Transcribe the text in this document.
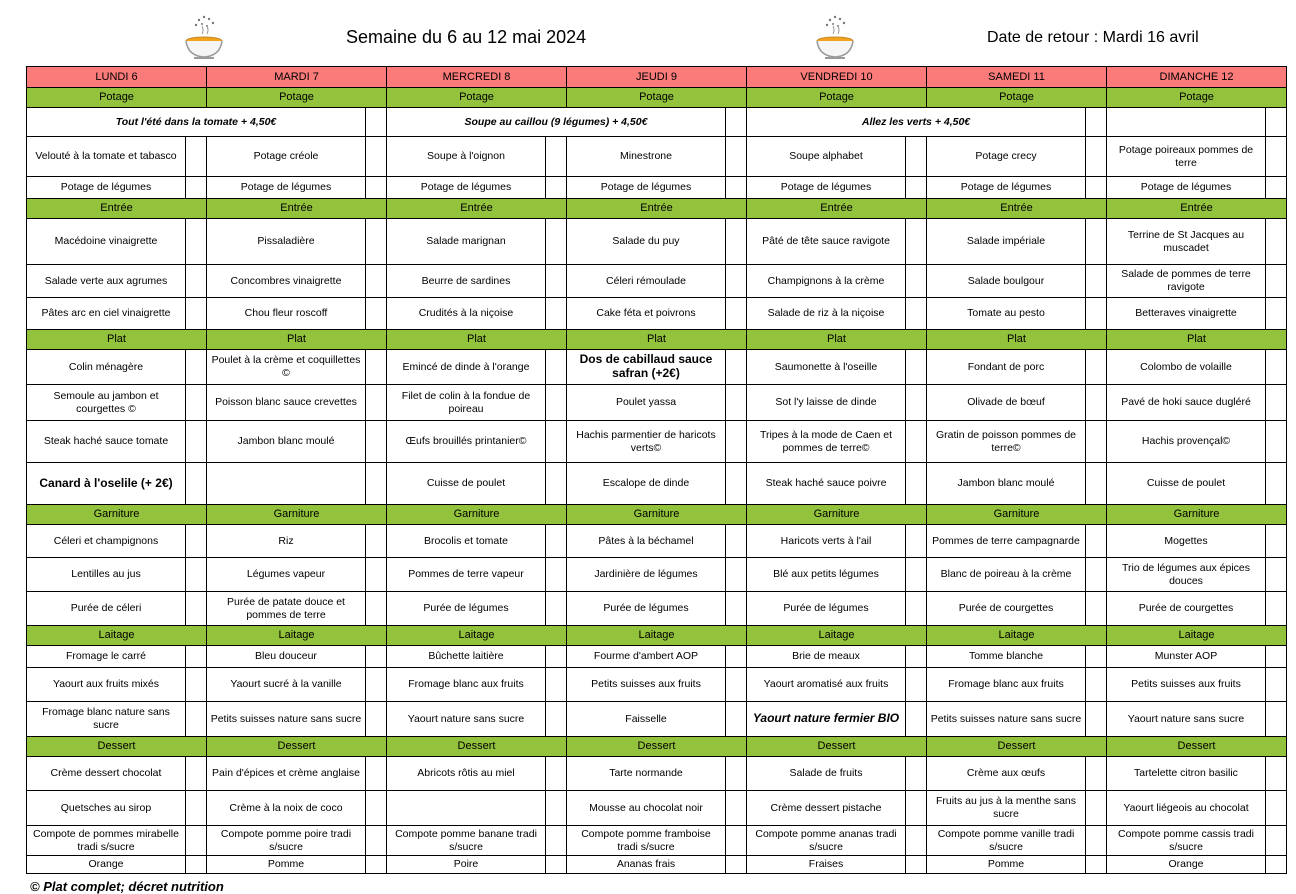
Semaine du 6 au 12 mai 2024	Date de retour : Mardi 16 avril
LUNDI 6		MARDI 7		MERCREDI 8		JEUDI 9		VENDREDI 10		SAMEDI 11		DIMANCHE 12	
Potage		Potage		Potage		Potage		Potage		Potage		Potage	
Tout l'été dans la tomate + 4,50€				Soupe au caillou (9 légumes) + 4,50€				Allez les verts + 4,50€					
Velouté à la tomate et tabasco		Potage créole		Soupe à l'oignon		Minestrone		Soupe alphabet		Potage crecy		Potage poireaux pommes de terre	
Potage de légumes		Potage de légumes		Potage de légumes		Potage de légumes		Potage de légumes		Potage de légumes		Potage de légumes	
Entrée		Entrée		Entrée		Entrée		Entrée		Entrée		Entrée	
Macédoine vinaigrette		Pissaladière		Salade marignan		Salade du puy		Pâté de tête sauce ravigote		Salade impériale		Terrine de St Jacques au muscadet	
Salade verte aux agrumes		Concombres vinaigrette		Beurre de sardines		Céleri rémoulade		Champignons à la crème		Salade boulgour		Salade de pommes de terre ravigote	
Pâtes arc en ciel vinaigrette		Chou fleur roscoff		Crudités à la niçoise		Cake féta et poivrons		Salade de riz à la niçoise		Tomate au pesto		Betteraves vinaigrette	
Plat		Plat		Plat		Plat		Plat		Plat		Plat	
Colin ménagère		Poulet à la crème et coquillettes ©		Emincé de dinde à l'orange		Dos de cabillaud sauce safran (+2€)		Saumonette à l'oseille		Fondant de porc		Colombo de volaille	
Semoule au jambon et courgettes ©		Poisson blanc sauce crevettes		Filet de colin à la fondue de poireau		Poulet yassa		Sot l'y laisse de dinde		Olivade de bœuf		Pavé de hoki sauce dugléré	
Steak haché sauce tomate		Jambon blanc moulé		Œufs brouillés printanier©		Hachis parmentier de haricots verts©		Tripes à la mode de Caen et pommes de terre©		Gratin de poisson pommes de terre©		Hachis provençal©	
Canard à l'oselile (+ 2€)				Cuisse de poulet		Escalope de dinde		Steak haché sauce poivre		Jambon blanc moulé		Cuisse de poulet	
Garniture		Garniture		Garniture		Garniture		Garniture		Garniture		Garniture	
Céleri et champignons		Riz		Brocolis et tomate		Pâtes à la béchamel		Haricots verts à l'ail		Pommes de terre campagnarde		Mogettes	
Lentilles au jus		Légumes vapeur		Pommes de terre vapeur		Jardinière de légumes		Blé aux petits légumes		Blanc de poireau à la crème		Trio de légumes aux épices douces	
Purée de céleri		Purée de patate douce et pommes de terre		Purée de légumes		Purée de légumes		Purée de légumes		Purée de courgettes		Purée de courgettes	
Laitage		Laitage		Laitage		Laitage		Laitage		Laitage		Laitage	
Fromage le carré		Bleu douceur		Bûchette laitière		Fourme d'ambert AOP		Brie de meaux		Tomme blanche		Munster AOP	
Yaourt aux fruits mixés		Yaourt sucré à la vanille		Fromage blanc aux fruits		Petits suisses aux fruits		Yaourt aromatisé aux fruits		Fromage blanc aux fruits		Petits suisses aux fruits	
Fromage blanc nature sans sucre		Petits suisses nature sans sucre		Yaourt nature sans sucre		Faisselle		Yaourt nature fermier BIO		Petits suisses nature sans sucre		Yaourt nature sans sucre	
Dessert		Dessert		Dessert		Dessert		Dessert		Dessert		Dessert	
Crème dessert chocolat		Pain d'épices et crème anglaise		Abricots rôtis au miel		Tarte normande		Salade de fruits		Crème aux œufs		Tartelette citron basilic	
Quetsches au sirop		Crème à la noix de coco				Mousse au chocolat noir		Crème dessert pistache		Fruits au jus à la menthe sans sucre		Yaourt liégeois au chocolat	
Compote de pommes mirabelle tradi s/sucre		Compote pomme poire tradi s/sucre		Compote pomme banane tradi s/sucre		Compote pomme framboise tradi s/sucre		Compote pomme ananas tradi s/sucre		Compote pomme vanille tradi s/sucre		Compote pomme cassis tradi s/sucre	
Orange		Pomme		Poire		Ananas frais		Fraises		Pomme		Orange	
© Plat complet; décret nutrition
